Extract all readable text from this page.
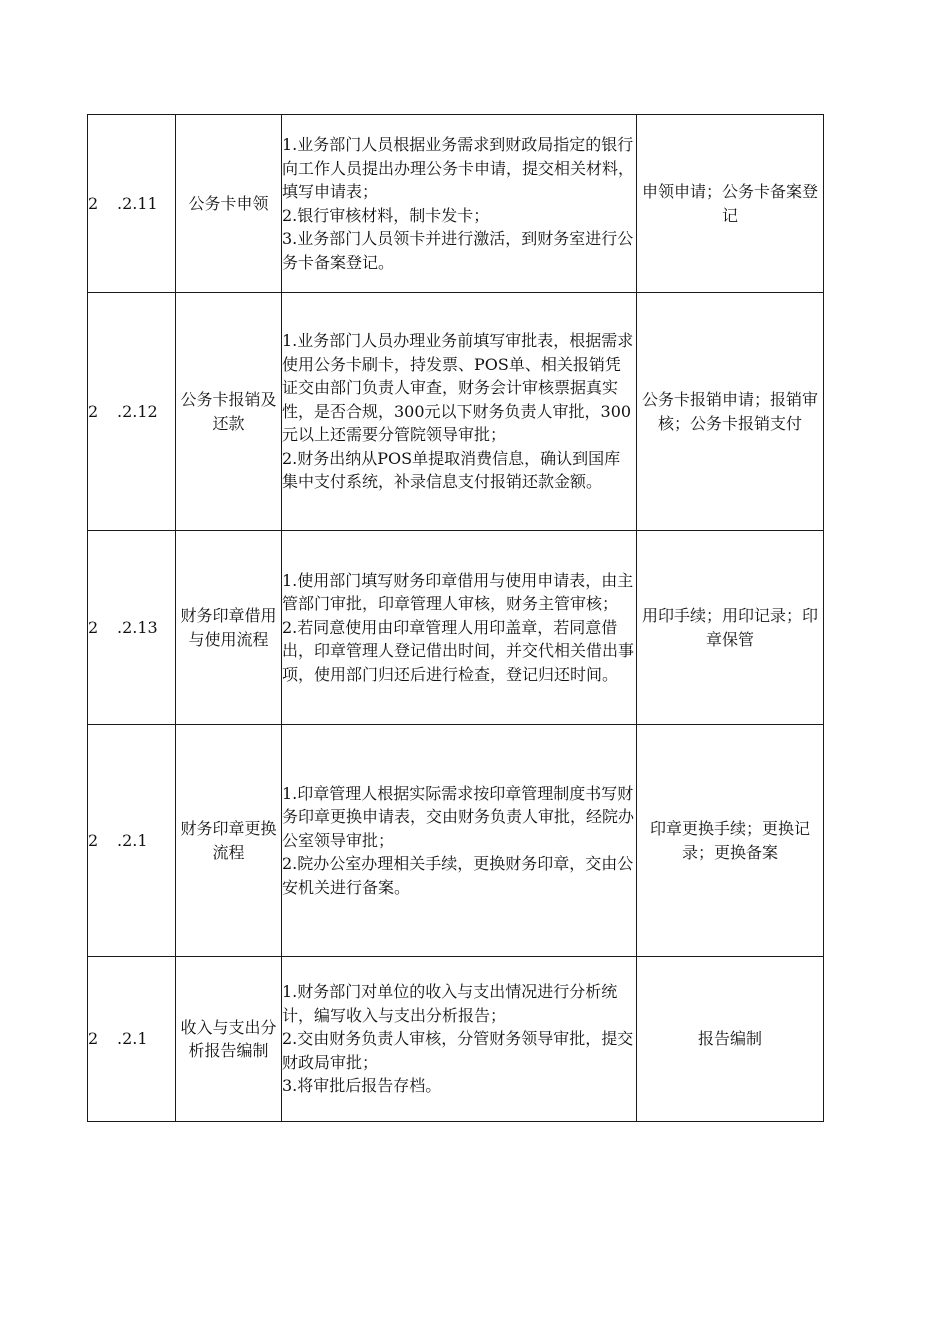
2 .2.11	公务卡申领	1.业务部门人员根据业务需求到财政局指定的银行向工作人员提出办理公务卡申请，提交相关材料，填写申请表；
2.银行审核材料，制卡发卡；
3.业务部门人员领卡并进行激活，到财务室进行公务卡备案登记。	申领申请；公务卡备案登记
2 .2.12	公务卡报销及还款	1.业务部门人员办理业务前填写审批表，根据需求使用公务卡刷卡，持发票、POS单、相关报销凭证交由部门负责人审查，财务会计审核票据真实性，是否合规，300元以下财务负责人审批，300元以上还需要分管院领导审批；
2.财务出纳从POS单提取消费信息，确认到国库集中支付系统，补录信息支付报销还款金额。	公务卡报销申请；报销审核；公务卡报销支付
2 .2.13	财务印章借用与使用流程	1.使用部门填写财务印章借用与使用申请表，由主管部门审批，印章管理人审核，财务主管审核；
2.若同意使用由印章管理人用印盖章，若同意借出，印章管理人登记借出时间，并交代相关借出事项，使用部门归还后进行检查，登记归还时间。	用印手续；用印记录；印章保管
2 .2.1	财务印章更换流程	1.印章管理人根据实际需求按印章管理制度书写财务印章更换申请表，交由财务负责人审批，经院办公室领导审批；
2.院办公室办理相关手续，更换财务印章，交由公安机关进行备案。	印章更换手续；更换记录；更换备案
2 .2.1	收入与支出分析报告编制	1.财务部门对单位的收入与支出情况进行分析统计，编写收入与支出分析报告；
2.交由财务负责人审核，分管财务领导审批，提交财政局审批；
3.将审批后报告存档。	报告编制
